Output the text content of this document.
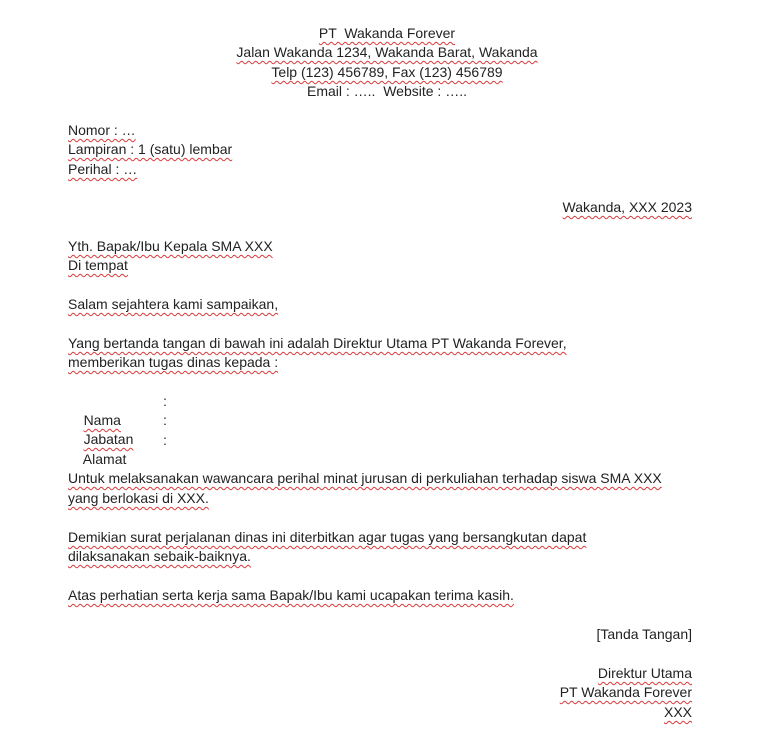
PT  Wakanda Forever
Jalan Wakanda 1234, Wakanda Barat, Wakanda
Telp (123) 456789, Fax (123) 456789
Email : …..  Website : …..
Nomor : …
Lampiran : 1 (satu) lembar
Perihal : …
Wakanda, XXX 2023
Yth. Bapak/Ibu Kepala SMA XXX
Di tempat
Salam sejahtera kami sampaikan,
Yang bertanda tangan di bawah ini adalah Direktur Utama PT Wakanda Forever,
memberikan tugas dinas kepada :

Nama

:

Jabatan

:

Alamat

:
Untuk melaksanakan wawancara perihal minat jurusan di perkuliahan terhadap siswa SMA XXX
yang berlokasi di XXX.
Demikian surat perjalanan dinas ini diterbitkan agar tugas yang bersangkutan dapat
dilaksanakan sebaik-baiknya.
Atas perhatian serta kerja sama Bapak/Ibu kami ucapakan terima kasih.
[Tanda Tangan]
Direktur Utama
PT Wakanda Forever
XXX
